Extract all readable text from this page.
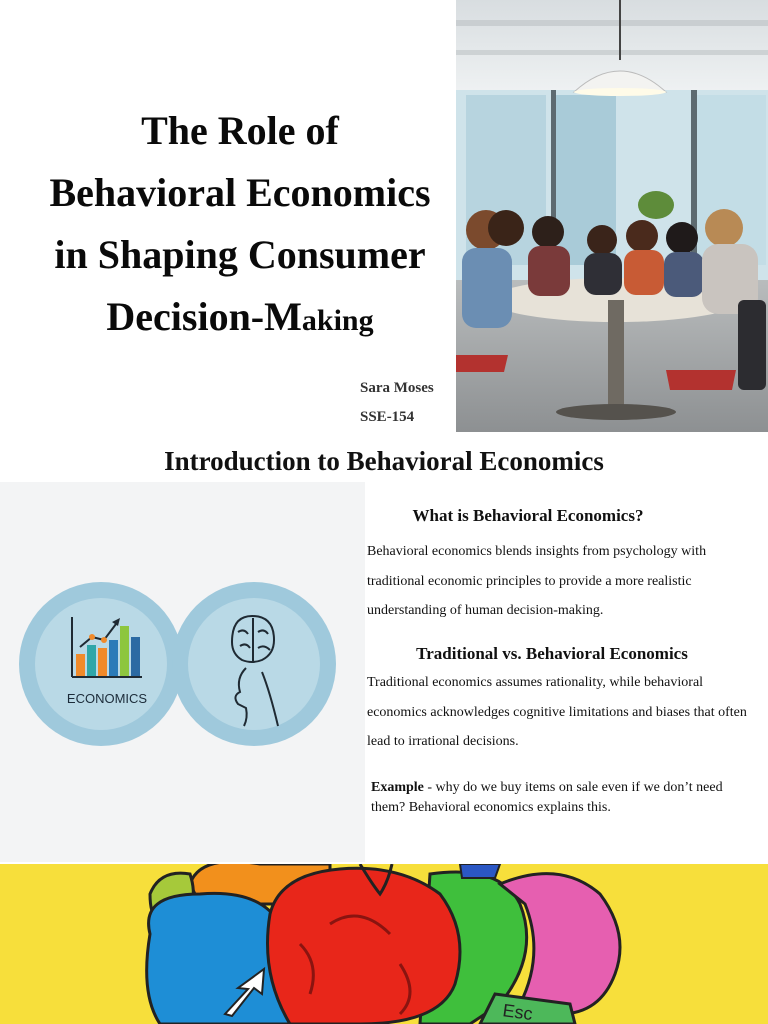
The Role of
Behavioral Economics
in Shaping Consumer
Decision-Making
Sara Moses
SSE-154
Introduction to Behavioral Economics
ECONOMICS
What is Behavioral Economics?
Behavioral economics blends insights from psychology with traditional economic principles to provide a more realistic understanding of human decision-making.
Traditional vs. Behavioral Economics
Traditional economics assumes rationality, while behavioral economics acknowledges cognitive limitations and biases that often lead to irrational decisions.
Example - why do we buy items on sale even if we don’t need them? Behavioral economics explains this.
Esc
